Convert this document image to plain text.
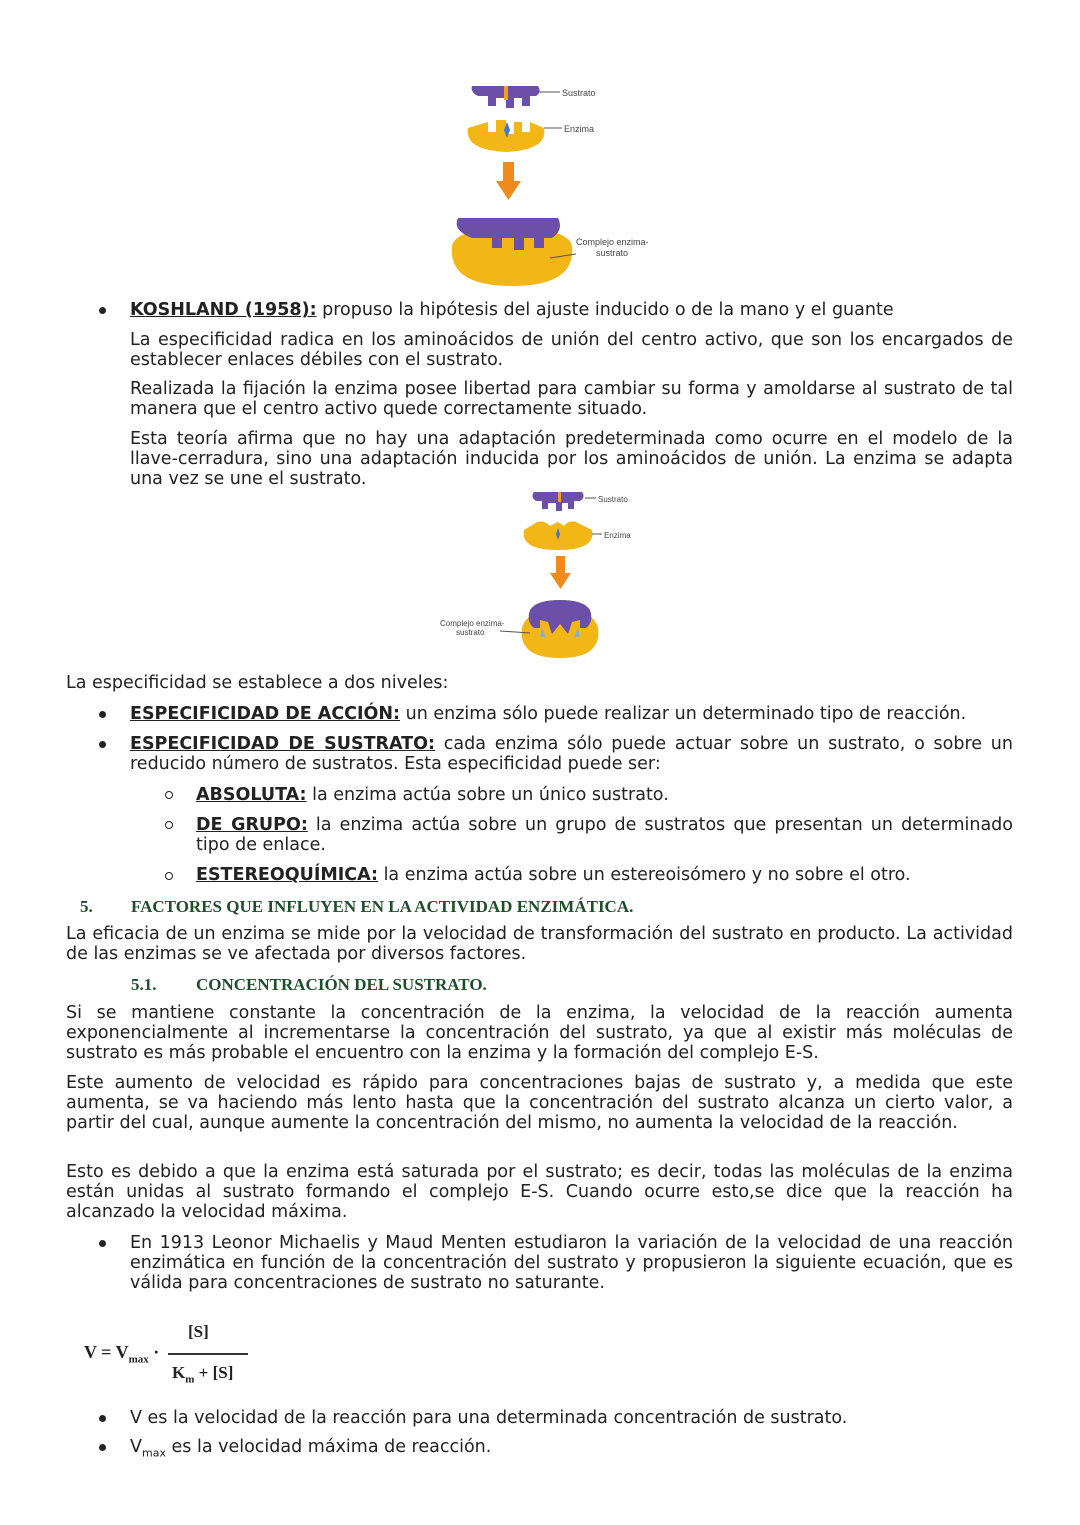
Sustrato
Enzima
Complejo enzima-
sustrato
KOSHLAND (1958): propuso la hipótesis del ajuste inducido o de la mano y el guante
La especificidad radica en los aminoácidos de unión del centro activo, que son los encargados de establecer enlaces débiles con el sustrato.
Realizada la fijación la enzima posee libertad para cambiar su forma y amoldarse al sustrato de tal manera que el centro activo quede correctamente situado.
Esta teoría afirma que no hay una adaptación predeterminada como ocurre en el modelo de la llave-cerradura, sino una adaptación inducida por los aminoácidos de unión. La enzima se adapta una vez se une el sustrato.
Sustrato
Enzima
Complejo enzima-
sustrato
La especificidad se establece a dos niveles:
ESPECIFICIDAD DE ACCIÓN: un enzima sólo puede realizar un determinado tipo de reacción.
ESPECIFICIDAD DE SUSTRATO: cada enzima sólo puede actuar sobre un sustrato, o sobre un reducido número de sustratos. Esta especificidad puede ser:
ABSOLUTA: la enzima actúa sobre un único sustrato.
DE GRUPO: la enzima actúa sobre un grupo de sustratos que presentan un determinado tipo de enlace.
ESTEREOQUÍMICA: la enzima actúa sobre un estereoisómero y no sobre el otro.
5. FACTORES QUE INFLUYEN EN LA ACTIVIDAD ENZIMÁTICA.
La eficacia de un enzima se mide por la velocidad de transformación del sustrato en producto. La actividad de las enzimas se ve afectada por diversos factores.
5.1. CONCENTRACIÓN DEL SUSTRATO.
Si se mantiene constante la concentración de la enzima, la velocidad de la reacción aumenta exponencialmente al incrementarse la concentración del sustrato, ya que al existir más moléculas de sustrato es más probable el encuentro con la enzima y la formación del complejo E-S.
Este aumento de velocidad es rápido para concentraciones bajas de sustrato y, a medida que este aumenta, se va haciendo más lento hasta que la concentración del sustrato alcanza un cierto valor, a partir del cual, aunque aumente la concentración del mismo, no aumenta la velocidad de la reacción.
Esto es debido a que la enzima está saturada por el sustrato; es decir, todas las moléculas de la enzima están unidas al sustrato formando el complejo E-S. Cuando ocurre esto,se dice que la reacción ha alcanzado la velocidad máxima.
En 1913 Leonor Michaelis y Maud Menten estudiaron la variación de la velocidad de una reacción enzimática en función de la concentración del sustrato y propusieron la siguiente ecuación, que es válida para concentraciones de sustrato no saturante.
$V = V_{max}$ ·
[S]
$K_m + [S]$
V es la velocidad de la reacción para una determinada concentración de sustrato.
$V_{max}$ es la velocidad máxima de reacción.
